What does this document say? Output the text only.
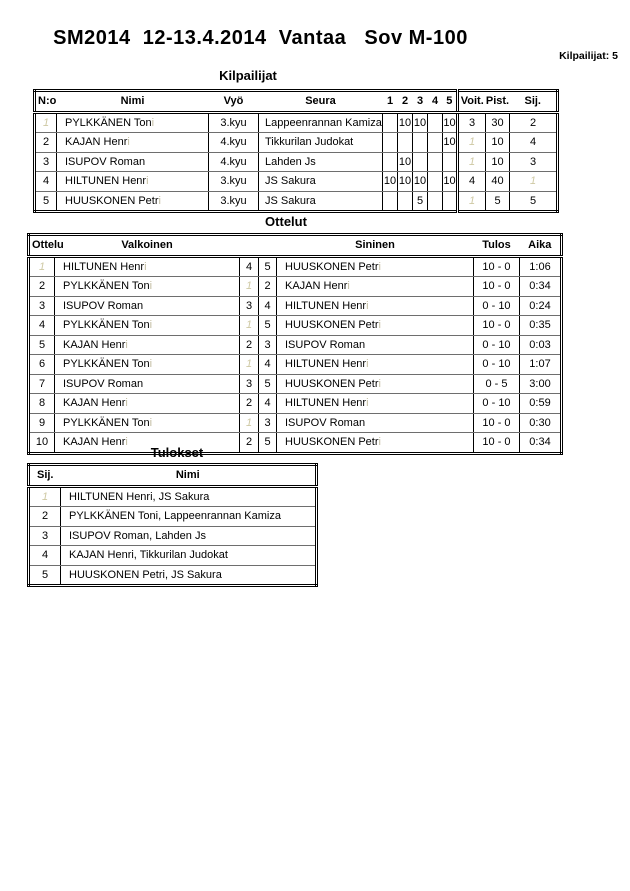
SM2014  12-13.4.2014  Vantaa   Sov M-100
Kilpailijat: 5
Kilpailijat
N:o	Nimi	Vyö	Seura	1	2	3	4	5	Voit.	Pist.	Sij.
1	PYLKKÄNEN Toni	3.kyu	Lappeenrannan Kamiza		10	10		10	3	30	2
2	KAJAN Henri	4.kyu	Tikkurilan Judokat					10	1	10	4
3	ISUPOV Roman	4.kyu	Lahden Js		10				1	10	3
4	HILTUNEN Henri	3.kyu	JS Sakura	10	10	10		10	4	40	1
5	HUUSKONEN Petri	3.kyu	JS Sakura			5			1	5	5
Ottelut
Ottelu	Valkoinen			Sininen	Tulos	Aika
1	HILTUNEN Henri	4	5	HUUSKONEN Petri	10 - 0	1:06
2	PYLKKÄNEN Toni	1	2	KAJAN Henri	10 - 0	0:34
3	ISUPOV Roman	3	4	HILTUNEN Henri	0 - 10	0:24
4	PYLKKÄNEN Toni	1	5	HUUSKONEN Petri	10 - 0	0:35
5	KAJAN Henri	2	3	ISUPOV Roman	0 - 10	0:03
6	PYLKKÄNEN Toni	1	4	HILTUNEN Henri	0 - 10	1:07
7	ISUPOV Roman	3	5	HUUSKONEN Petri	0 - 5	3:00
8	KAJAN Henri	2	4	HILTUNEN Henri	0 - 10	0:59
9	PYLKKÄNEN Toni	1	3	ISUPOV Roman	10 - 0	0:30
10	KAJAN Henri	2	5	HUUSKONEN Petri	10 - 0	0:34
Tulokset
Sij.	Nimi
1	HILTUNEN Henri, JS Sakura
2	PYLKKÄNEN Toni, Lappeenrannan Kamiza
3	ISUPOV Roman, Lahden Js
4	KAJAN Henri, Tikkurilan Judokat
5	HUUSKONEN Petri, JS Sakura
